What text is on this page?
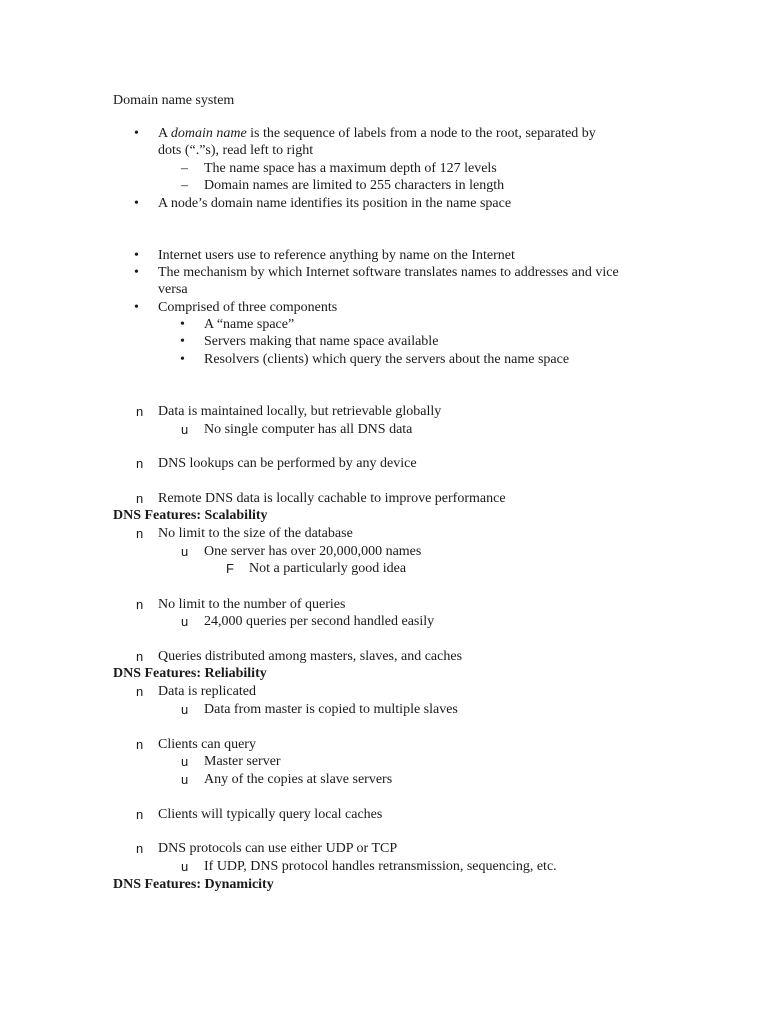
Domain name system
• A domain name is the sequence of labels from a node to the root, separated by
dots (“.”s), read left to right
– The name space has a maximum depth of 127 levels
– Domain names are limited to 255 characters in length
• A node’s domain name identifies its position in the name space
• Internet users use to reference anything by name on the Internet
• The mechanism by which Internet software translates names to addresses and vice
versa
• Comprised of three components
• A “name space”
• Servers making that name space available
• Resolvers (clients) which query the servers about the name space
n Data is maintained locally, but retrievable globally
u No single computer has all DNS data
n DNS lookups can be performed by any device
n Remote DNS data is locally cachable to improve performance
DNS Features: Scalability
n No limit to the size of the database
u One server has over 20,000,000 names
F Not a particularly good idea
n No limit to the number of queries
u 24,000 queries per second handled easily
n Queries distributed among masters, slaves, and caches
DNS Features: Reliability
n Data is replicated
u Data from master is copied to multiple slaves
n Clients can query
u Master server
u Any of the copies at slave servers
n Clients will typically query local caches
n DNS protocols can use either UDP or TCP
u If UDP, DNS protocol handles retransmission, sequencing, etc.
DNS Features: Dynamicity
